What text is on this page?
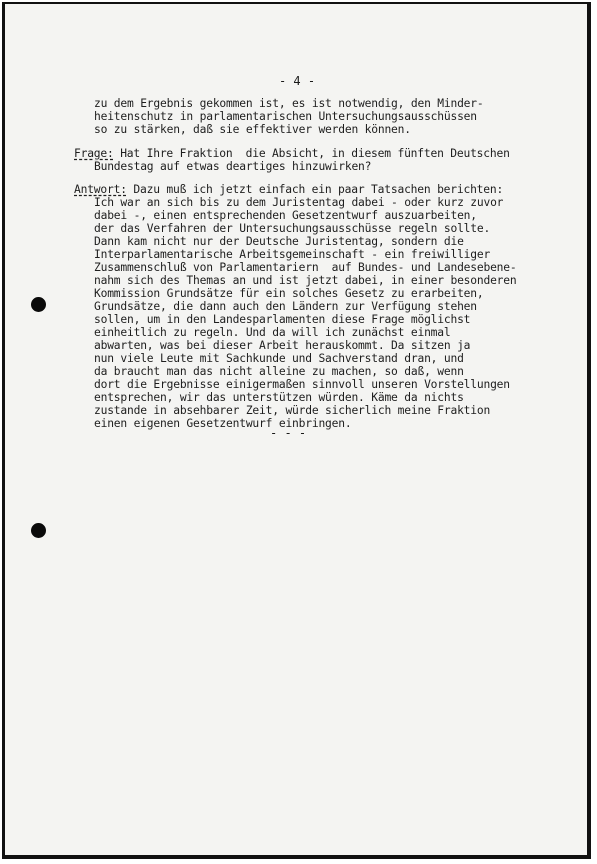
- 4 -
zu dem Ergebnis gekommen ist, es ist notwendig, den Minder-
heitenschutz in parlamentarischen Untersuchungsausschüssen
so zu stärken, daß sie effektiver werden können.
Frage: Hat Ihre Fraktion  die Absicht, in diesem fünften Deutschen
Bundestag auf etwas deartiges hinzuwirken?
Antwort: Dazu muß ich jetzt einfach ein paar Tatsachen berichten:
Ich war an sich bis zu dem Juristentag dabei - oder kurz zuvor
dabei -, einen entsprechenden Gesetzentwurf auszuarbeiten,
der das Verfahren der Untersuchungsausschüsse regeln sollte.
Dann kam nicht nur der Deutsche Juristentag, sondern die
Interparlamentarische Arbeitsgemeinschaft - ein freiwilliger
Zusammenschluß von Parlamentariern  auf Bundes- und Landesebene-
nahm sich des Themas an und ist jetzt dabei, in einer besonderen
Kommission Grundsätze für ein solches Gesetz zu erarbeiten,
Grundsätze, die dann auch den Ländern zur Verfügung stehen
sollen, um in den Landesparlamenten diese Frage möglichst
einheitlich zu regeln. Und da will ich zunächst einmal
abwarten, was bei dieser Arbeit herauskommt. Da sitzen ja
nun viele Leute mit Sachkunde und Sachverstand dran, und
da braucht man das nicht alleine zu machen, so daß, wenn
dort die Ergebnisse einigermaßen sinnvoll unseren Vorstellungen
entsprechen, wir das unterstützen würden. Käme da nichts
zustande in absehbarer Zeit, würde sicherlich meine Fraktion
einen eigenen Gesetzentwurf einbringen.
- - -
